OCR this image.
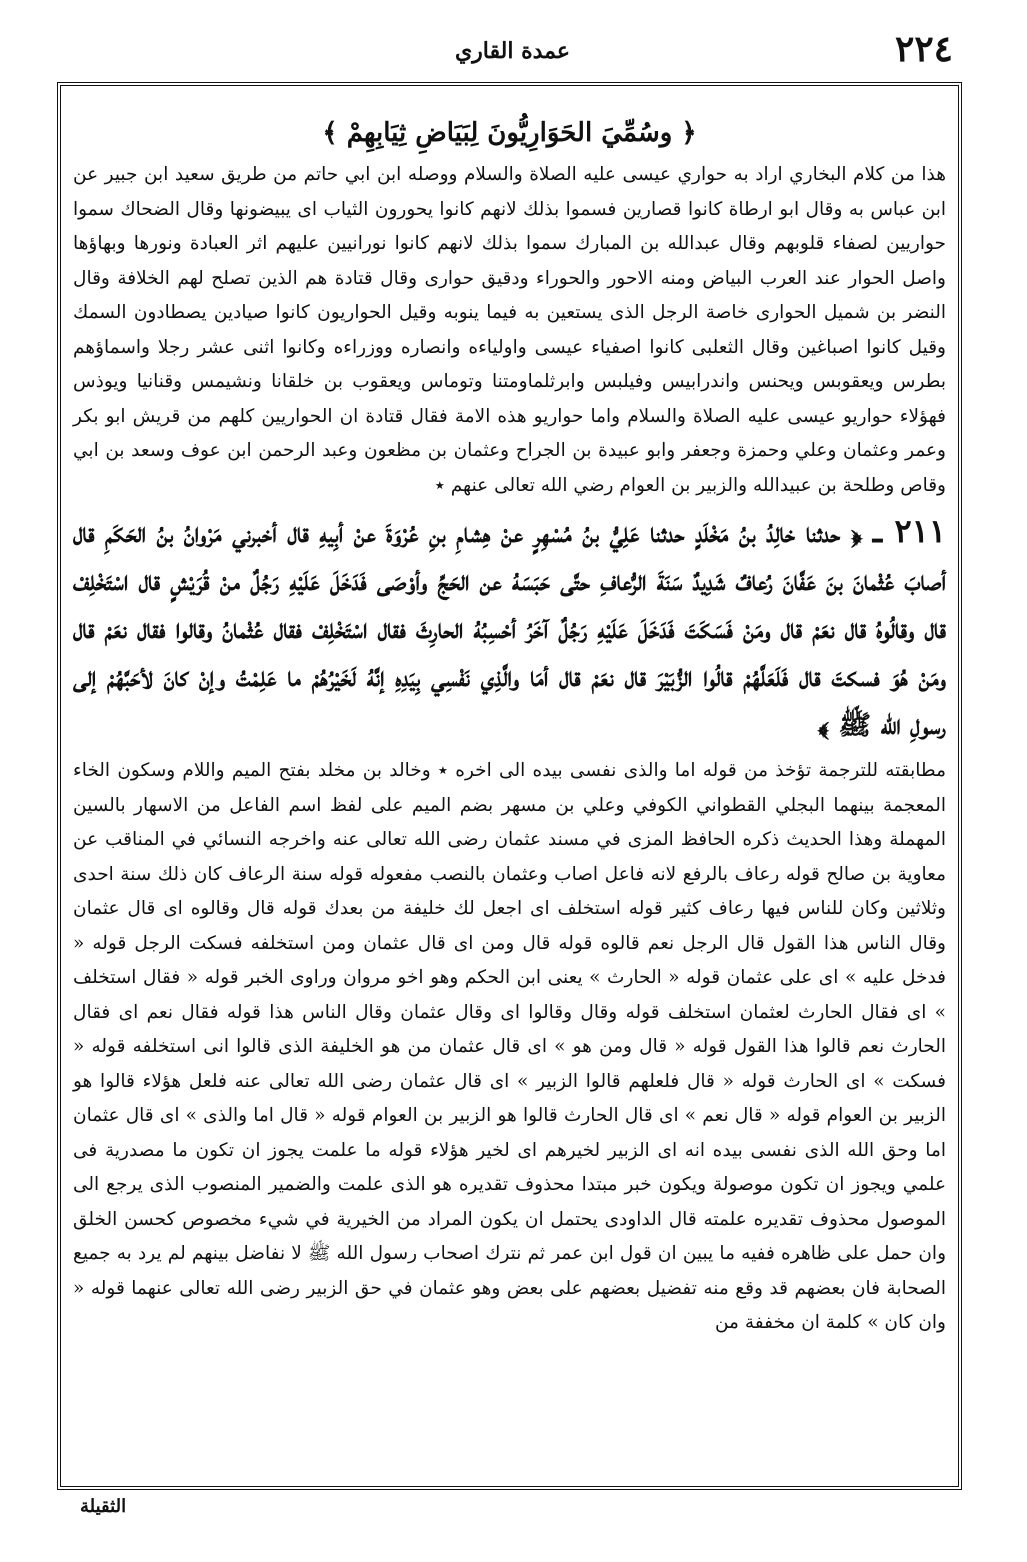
٢٢٤
عمدة القاري
﴿ وسُمِّيَ الحَوَارِيُّونَ لِبَيَاضِ ثِيَابِهِمْ ﴾

هذا من كلام البخاري اراد به حواري عيسى عليه الصلاة والسلام ووصله ابن ابي حاتم من طريق سعيد ابن جبير عن ابن عباس به وقال ابو ارطاة كانوا قصارين فسموا بذلك لانهم كانوا يحورون الثياب اى يبيضونها وقال الضحاك سموا حواريين لصفاء قلوبهم وقال عبدالله بن المبارك سموا بذلك لانهم كانوا نورانيين عليهم اثر العبادة ونورها وبهاؤها واصل الحوار عند العرب البياض ومنه الاحور والحوراء ودقيق حوارى وقال قتادة هم الذين تصلح لهم الخلافة وقال النضر بن شميل الحوارى خاصة الرجل الذى يستعين به فيما ينوبه وقيل الحواريون كانوا صيادين يصطادون السمك وقيل كانوا اصباغين وقال الثعلبى كانوا اصفياء عيسى واولياءه وانصاره ووزراءه وكانوا اثنى عشر رجلا واسماؤهم بطرس ويعقوبس ويحنس واندرابيس وفيلبس وابرثلماومتنا وتوماس ويعقوب بن خلقانا ونشيمس وقنانيا ويوذس فهؤلاء حواريو عيسى عليه الصلاة والسلام واما حواريو هذه الامة فقال قتادة ان الحواريين كلهم من قريش ابو بكر وعمر وعثمان وعلي وحمزة وجعفر وابو عبيدة بن الجراح وعثمان بن مظعون وعبد الرحمن ابن عوف وسعد بن ابي وقاص وطلحة بن عبيدالله والزبير بن العوام رضي الله تعالى عنهم ٭

٢١١ ـ ﴿ حدثنا خالِدُ بنُ مَخْلَدٍ حدثنا عَلِيُّ بنُ مُسْهِرٍ عنْ هِشامِ بنِ عُرْوَةَ عنْ أبِيهِ قال أخبرني مَرْوانُ بنُ الحَكَمِ قال أصابَ عُثْمانَ بنَ عَفَّانَ رُعافٌ شَدِيدٌ سَنَةَ الرُّعافِ حتَّى حَبَسَهُ عن الحَجِّ وأوْصَى فَدَخَلَ عَلَيْهِ رَجُلٌ منْ قُرَيْشٍ قال اسْتَخْلِفْ قال وقالُوهُ قال نعَمْ قال ومَنْ فَسَكَتَ فَدَخَلَ عَلَيْهِ رَجُلٌ آخَرُ أحْسِبُهُ الحارِثَ فقال اسْتَخْلِفْ فقال عُثْمانُ وقالوا فقال نعَمْ قال ومَنْ هُوَ فسكتَ قال فَلَعَلَّهُمْ قالُوا الزُّبَيْرَ قال نعَمْ قال أمَا والَّذِي نَفْسِي بِيَدِهِ إنَّهُ لَخَيْرُهُمْ ما عَلِمْتُ وإنْ كانَ لأحَبَّهُمْ إلى رسولِ الله ﷺ ﴾

مطابقته للترجمة تؤخذ من قوله اما والذى نفسى بيده الى اخره ٭ وخالد بن مخلد بفتح الميم واللام وسكون الخاء المعجمة بينهما البجلي القطواني الكوفي وعلي بن مسهر بضم الميم على لفظ اسم الفاعل من الاسهار بالسين المهملة وهذا الحديث ذكره الحافظ المزى في مسند عثمان رضى الله تعالى عنه واخرجه النسائي في المناقب عن معاوية بن صالح قوله رعاف بالرفع لانه فاعل اصاب وعثمان بالنصب مفعوله قوله سنة الرعاف كان ذلك سنة احدى وثلاثين وكان للناس فيها رعاف كثير قوله استخلف اى اجعل لك خليفة من بعدك قوله قال وقالوه اى قال عثمان وقال الناس هذا القول قال الرجل نعم قالوه قوله قال ومن اى قال عثمان ومن استخلفه فسكت الرجل قوله « فدخل عليه » اى على عثمان قوله « الحارث » يعنى ابن الحكم وهو اخو مروان وراوى الخبر قوله « فقال استخلف » اى فقال الحارث لعثمان استخلف قوله وقال وقالوا اى وقال عثمان وقال الناس هذا قوله فقال نعم اى فقال الحارث نعم قالوا هذا القول قوله « قال ومن هو » اى قال عثمان من هو الخليفة الذى قالوا انى استخلفه قوله « فسكت » اى الحارث قوله « قال فلعلهم قالوا الزبير » اى قال عثمان رضى الله تعالى عنه فلعل هؤلاء قالوا هو الزبير بن العوام قوله « قال نعم » اى قال الحارث قالوا هو الزبير بن العوام قوله « قال اما والذى » اى قال عثمان اما وحق الله الذى نفسى بيده انه اى الزبير لخيرهم اى لخير هؤلاء قوله ما علمت يجوز ان تكون ما مصدرية فى علمي ويجوز ان تكون موصولة ويكون خبر مبتدا محذوف تقديره هو الذى علمت والضمير المنصوب الذى يرجع الى الموصول محذوف تقديره علمته قال الداودى يحتمل ان يكون المراد من الخيرية في شيء مخصوص كحسن الخلق وان حمل على ظاهره ففيه ما يبين ان قول ابن عمر ثم نترك اصحاب رسول الله ﷺ لا نفاضل بينهم لم يرد به جميع الصحابة فان بعضهم قد وقع منه تفضيل بعضهم على بعض وهو عثمان في حق الزبير رضى الله تعالى عنهما قوله « وان كان » كلمة ان مخففة من

الثقيلة
